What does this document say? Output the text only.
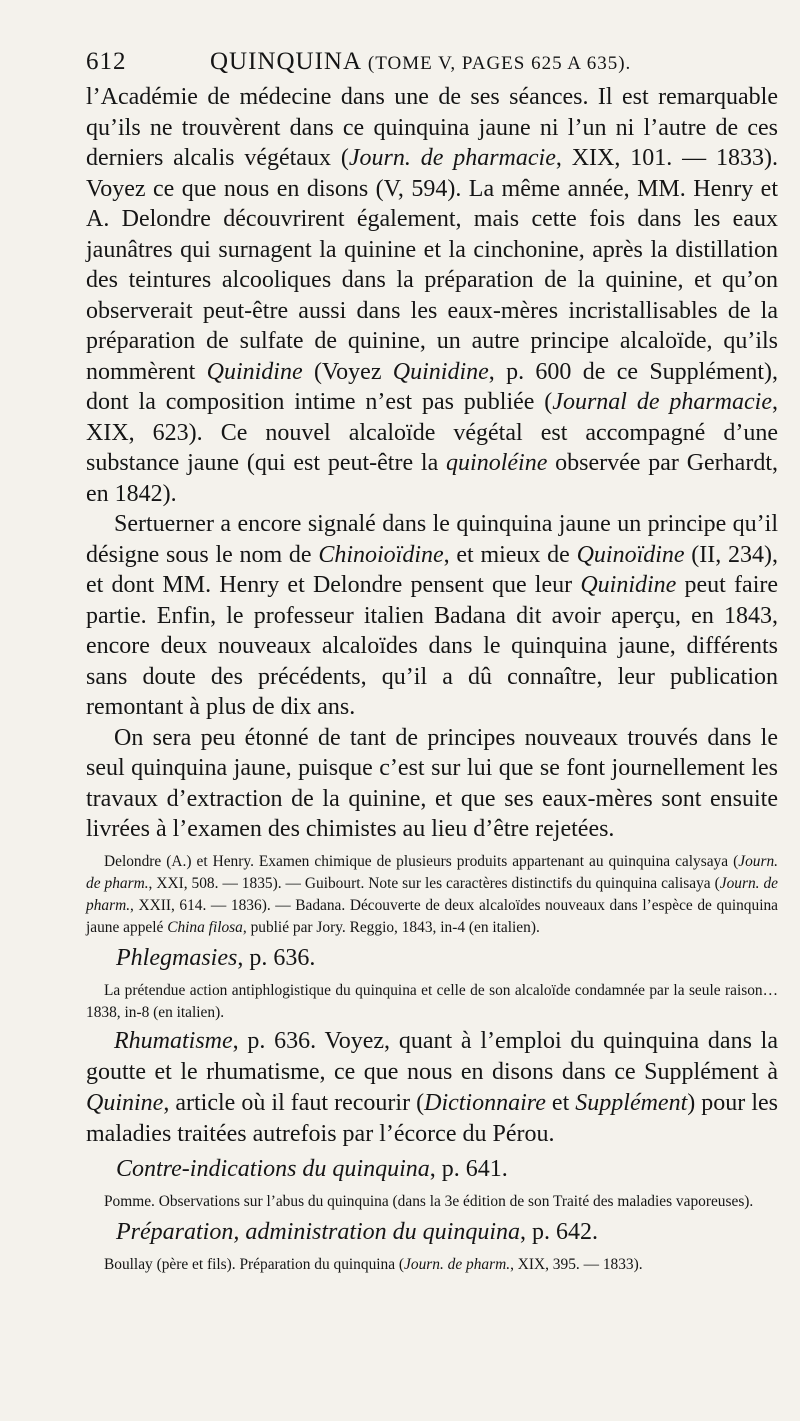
612	QUINQUINA (TOME V, PAGES 625 A 635).

l’Académie de médecine dans une de ses séances. Il est remarquable qu’ils ne trouvèrent dans ce quinquina jaune ni l’un ni l’autre de ces derniers alcalis végétaux (Journ. de pharmacie, XIX, 101. — 1833). Voyez ce que nous en disons (V, 594). La même année, MM. Henry et A. Delondre découvrirent également, mais cette fois dans les eaux jaunâtres qui surnagent la quinine et la cinchonine, après la distillation des teintures alcooliques dans la préparation de la quinine, et qu’on observerait peut-être aussi dans les eaux-mères incristallisables de la préparation de sulfate de quinine, un autre principe alcaloïde, qu’ils nommèrent Quinidine (Voyez Quinidine, p. 600 de ce Supplément), dont la composition intime n’est pas publiée (Journal de pharmacie, XIX, 623). Ce nouvel alcaloïde végétal est accompagné d’une substance jaune (qui est peut-être la quinoléine observée par Gerhardt, en 1842).

Sertuerner a encore signalé dans le quinquina jaune un principe qu’il désigne sous le nom de Chinoioïdine, et mieux de Quinoïdine (II, 234), et dont MM. Henry et Delondre pensent que leur Quinidine peut faire partie. Enfin, le professeur italien Badana dit avoir aperçu, en 1843, encore deux nouveaux alcaloïdes dans le quinquina jaune, différents sans doute des précédents, qu’il a dû connaître, leur publication remontant à plus de dix ans.

On sera peu étonné de tant de principes nouveaux trouvés dans le seul quinquina jaune, puisque c’est sur lui que se font journellement les travaux d’extraction de la quinine, et que ses eaux-mères sont ensuite livrées à l’examen des chimistes au lieu d’être rejetées.

Delondre (A.) et Henry. Examen chimique de plusieurs produits appartenant au quinquina calysaya (Journ. de pharm., XXI, 508. — 1835). — Guibourt. Note sur les caractères distinctifs du quinquina calisaya (Journ. de pharm., XXII, 614. — 1836). — Badana. Découverte de deux alcaloïdes nouveaux dans l’espèce de quinquina jaune appelé China filosa, publié par Jory. Reggio, 1843, in-4 (en italien).

Phlegmasies, p. 636.

La prétendue action antiphlogistique du quinquina et celle de son alcaloïde condamnée par la seule raison… 1838, in-8 (en italien).

Rhumatisme, p. 636. Voyez, quant à l’emploi du quinquina dans la goutte et le rhumatisme, ce que nous en disons dans ce Supplément à Quinine, article où il faut recourir (Dictionnaire et Supplément) pour les maladies traitées autrefois par l’écorce du Pérou.

Contre-indications du quinquina, p. 641.

Pomme. Observations sur l’abus du quinquina (dans la 3e édition de son Traité des maladies vaporeuses).

Préparation, administration du quinquina, p. 642.

Boullay (père et fils). Préparation du quinquina (Journ. de pharm., XIX, 395. — 1833).
